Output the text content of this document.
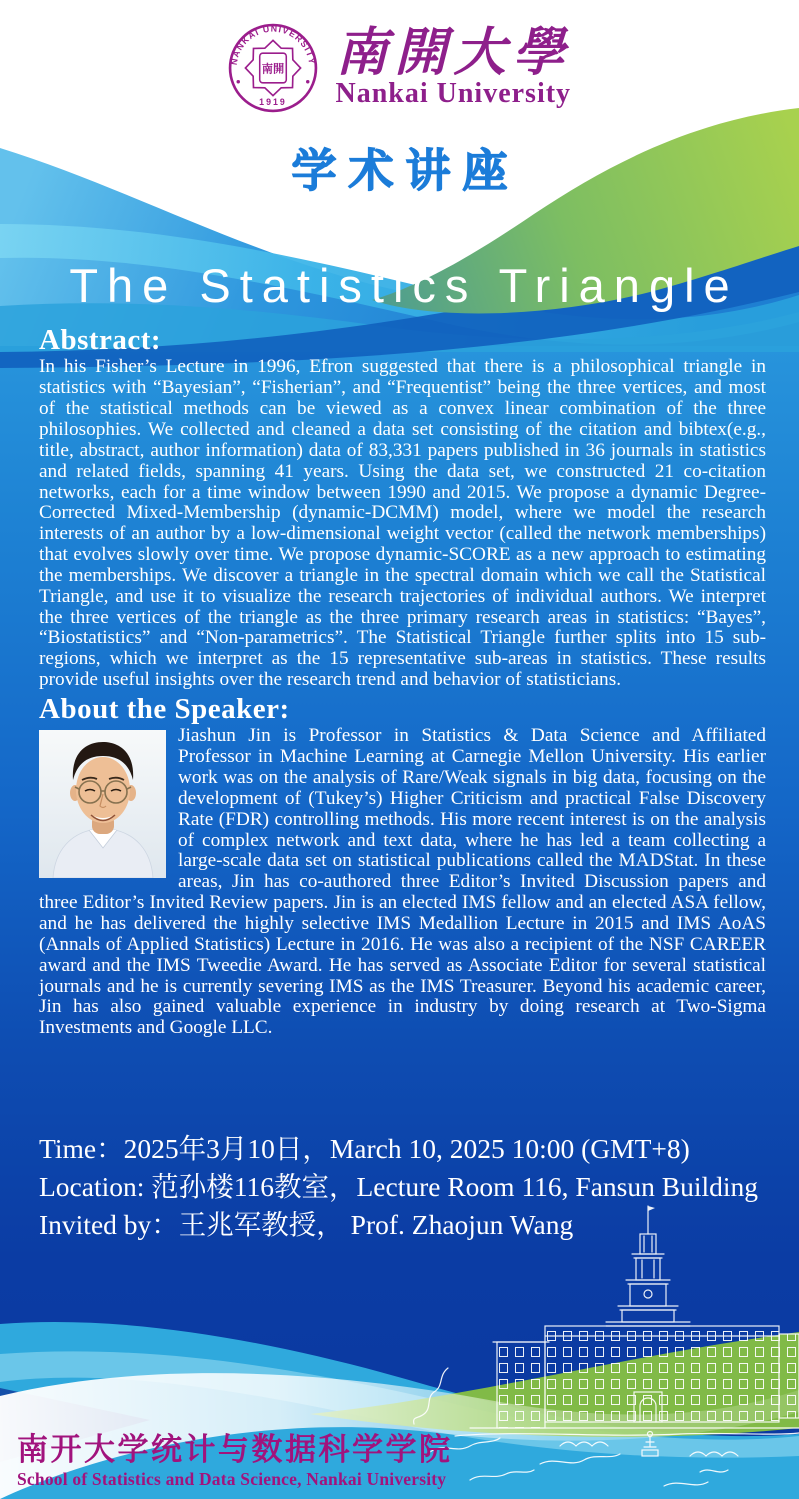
NANKAI UNIVERSITY
1919
南開 南開大學
Nankai University
学术讲座
The Statistics Triangle
Abstract:

In his Fisher’s Lecture in 1996, Efron suggested that there is a philosophical triangle in statistics with “Bayesian”, “Fisherian”, and “Frequentist” being the three vertices, and most of the statistical methods can be viewed as a convex linear combination of the three philosophies. We collected and cleaned a data set consisting of the citation and bibtex(e.g., title, abstract, author information) data of 83,331 papers published in 36 journals in statistics and related fields, spanning 41 years. Using the data set, we constructed 21 co-citation networks, each for a time window between 1990 and 2015. We propose a dynamic Degree-Corrected Mixed-Membership (dynamic-DCMM) model, where we model the research interests of an author by a low-dimensional weight vector (called the network memberships) that evolves slowly over time. We propose dynamic-SCORE as a new approach to estimating the memberships. We discover a triangle in the spectral domain which we call the Statistical Triangle, and use it to visualize the research trajectories of individual authors. We interpret the three vertices of the triangle as the three primary research areas in statistics: “Bayes”, “Biostatistics” and “Non-parametrics”. The Statistical Triangle further splits into 15 sub- regions, which we interpret as the 15 representative sub-areas in statistics. These results provide useful insights over the research trend and behavior of statisticians.

About the Speaker:

Jiashun Jin is Professor in Statistics & Data Science and Affiliated Professor in Machine Learning at Carnegie Mellon University. His earlier work was on the analysis of Rare/Weak signals in big data, focusing on the development of (Tukey’s) Higher Criticism and practical False Discovery Rate (FDR) controlling methods. His more recent interest is on the analysis of complex network and text data, where he has led a team collecting a large-scale data set on statistical publications called the MADStat. In these areas, Jin has co-authored three Editor’s Invited Discussion papers and three Editor’s Invited Review papers. Jin is an elected IMS fellow and an elected ASA fellow, and he has delivered the highly selective IMS Medallion Lecture in 2015 and IMS AoAS (Annals of Applied Statistics) Lecture in 2016. He was also a recipient of the NSF CAREER award and the IMS Tweedie Award. He has served as Associate Editor for several statistical journals and he is currently severing IMS as the IMS Treasurer. Beyond his academic career, Jin has also gained valuable experience in industry by doing research at Two-Sigma Investments and Google LLC.

Time：2025年3月10日，March 10, 2025 10:00 (GMT+8)

Location: 范孙楼116教室，Lecture Room 116, Fansun Building

Invited by：王兆军教授， Prof. Zhaojun Wang

南开大学统计与数据科学学院
School of Statistics and Data Science, Nankai University
